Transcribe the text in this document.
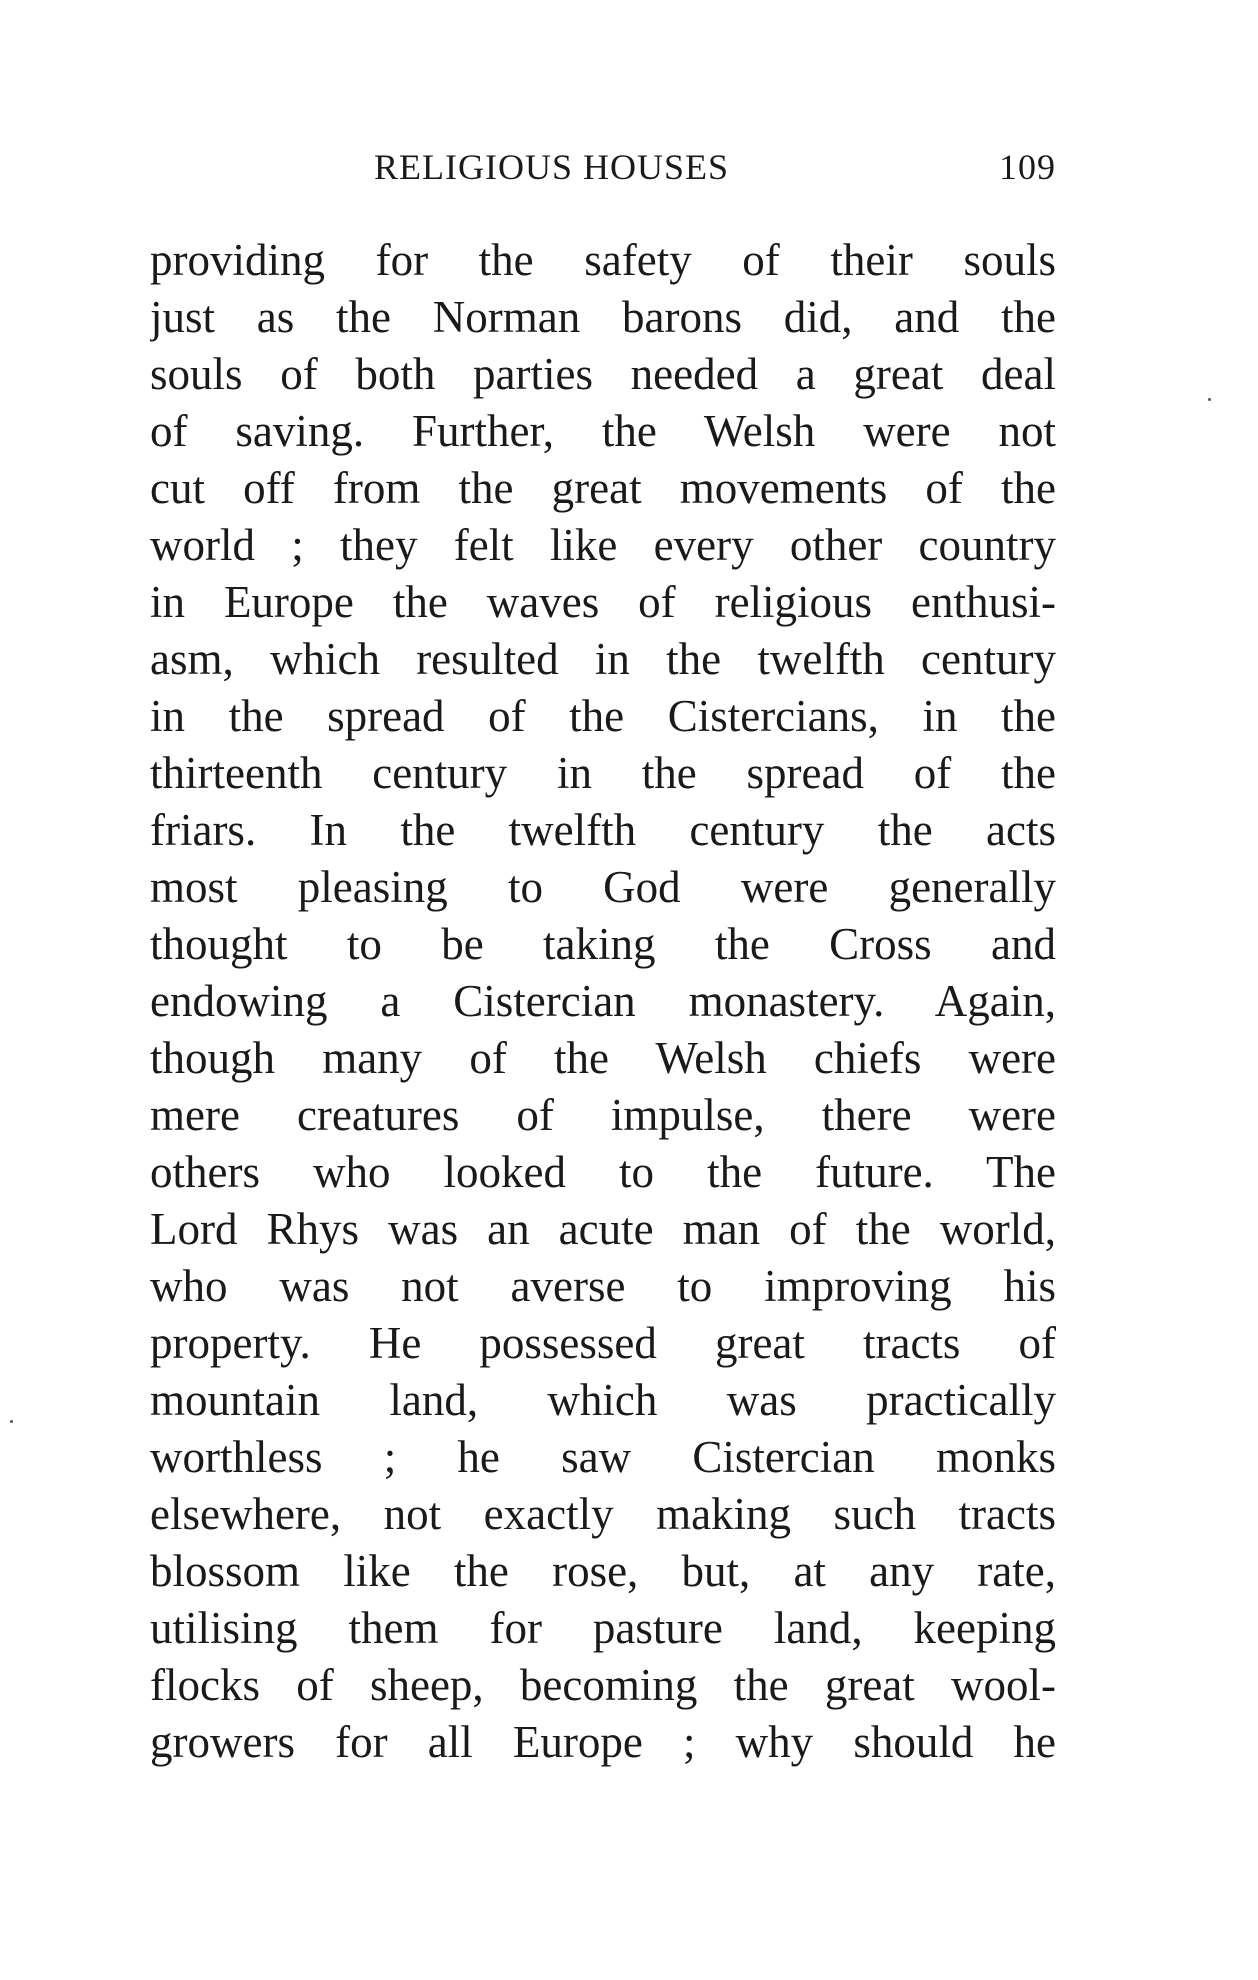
RELIGIOUS HOUSES	109
providing for the safety of their souls
just as the Norman barons did, and the
souls of both parties needed a great deal
of saving. Further, the Welsh were not
cut off from the great movements of the
world ; they felt like every other country
in Europe the waves of religious enthusi-
asm, which resulted in the twelfth century
in the spread of the Cistercians, in the
thirteenth century in the spread of the
friars. In the twelfth century the acts
most pleasing to God were generally
thought to be taking the Cross and
endowing a Cistercian monastery. Again,
though many of the Welsh chiefs were
mere creatures of impulse, there were
others who looked to the future. The
Lord Rhys was an acute man of the world,
who was not averse to improving his
property. He possessed great tracts of
mountain land, which was practically
worthless ; he saw Cistercian monks
elsewhere, not exactly making such tracts
blossom like the rose, but, at any rate,
utilising them for pasture land, keeping
flocks of sheep, becoming the great wool-
growers for all Europe ; why should he
